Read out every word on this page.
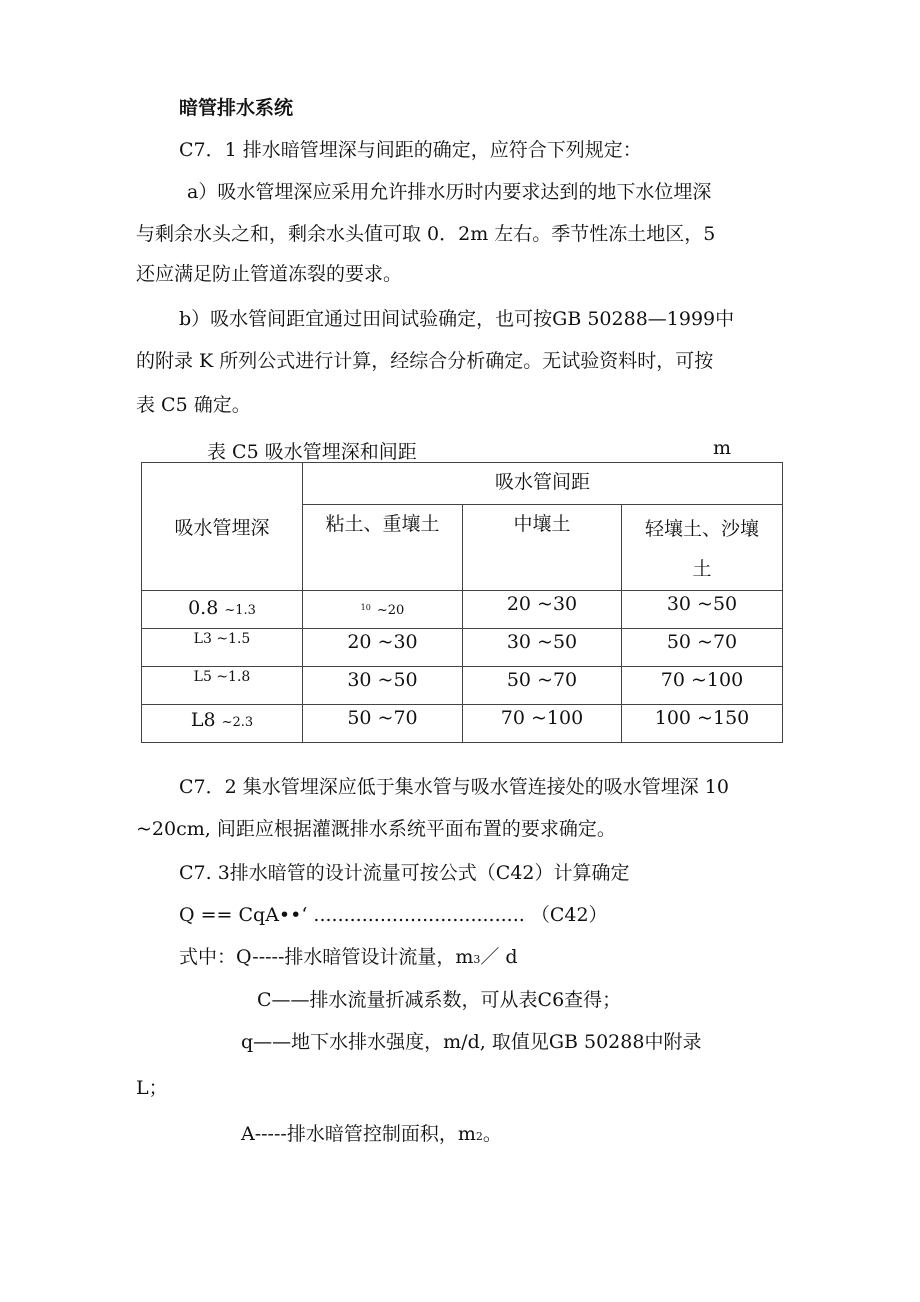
暗管排水系统
C7．1 排水暗管埋深与间距的确定，应符合下列规定：
a）吸水管埋深应采用允许排水历时内要求达到的地下水位埋深
与剩余水头之和，剩余水头值可取 0．2m 左右。季节性冻土地区，5
还应满足防止管道冻裂的要求。
b）吸水管间距宜通过田间试验确定，也可按GB 50288—1999中
的附录 K 所列公式进行计算，经综合分析确定。无试验资料时，可按
表 C5 确定。
表 C5 吸水管埋深和间距	m
吸水管埋深	吸水管间距		
	粘土、重壤土	中壤土	轻壤土、沙壤
土
0.8 ~1.3	$^{10}$ ~20	20 ~30	30 ~50
L3 ~1.5	20 ~30	30 ~50	50 ~70
L5 ~1.8	30 ~50	50 ~70	70 ~100
L8 ~2.3	50 ~70	70 ~100	100 ~150
C7．2 集水管埋深应低于集水管与吸水管连接处的吸水管埋深 10
~20cm, 间距应根据灌溉排水系统平面布置的要求确定。
C7. 3排水暗管的设计流量可按公式（C42）计算确定
Q == CqA••‘ ................................... （C42）
式中：Q-----排水暗管设计流量，m3／ d
C——排水流量折减系数，可从表C6查得；
q——地下水排水强度，m/d, 取值见GB 50288中附录
L；
A-----排水暗管控制面积，m2。
